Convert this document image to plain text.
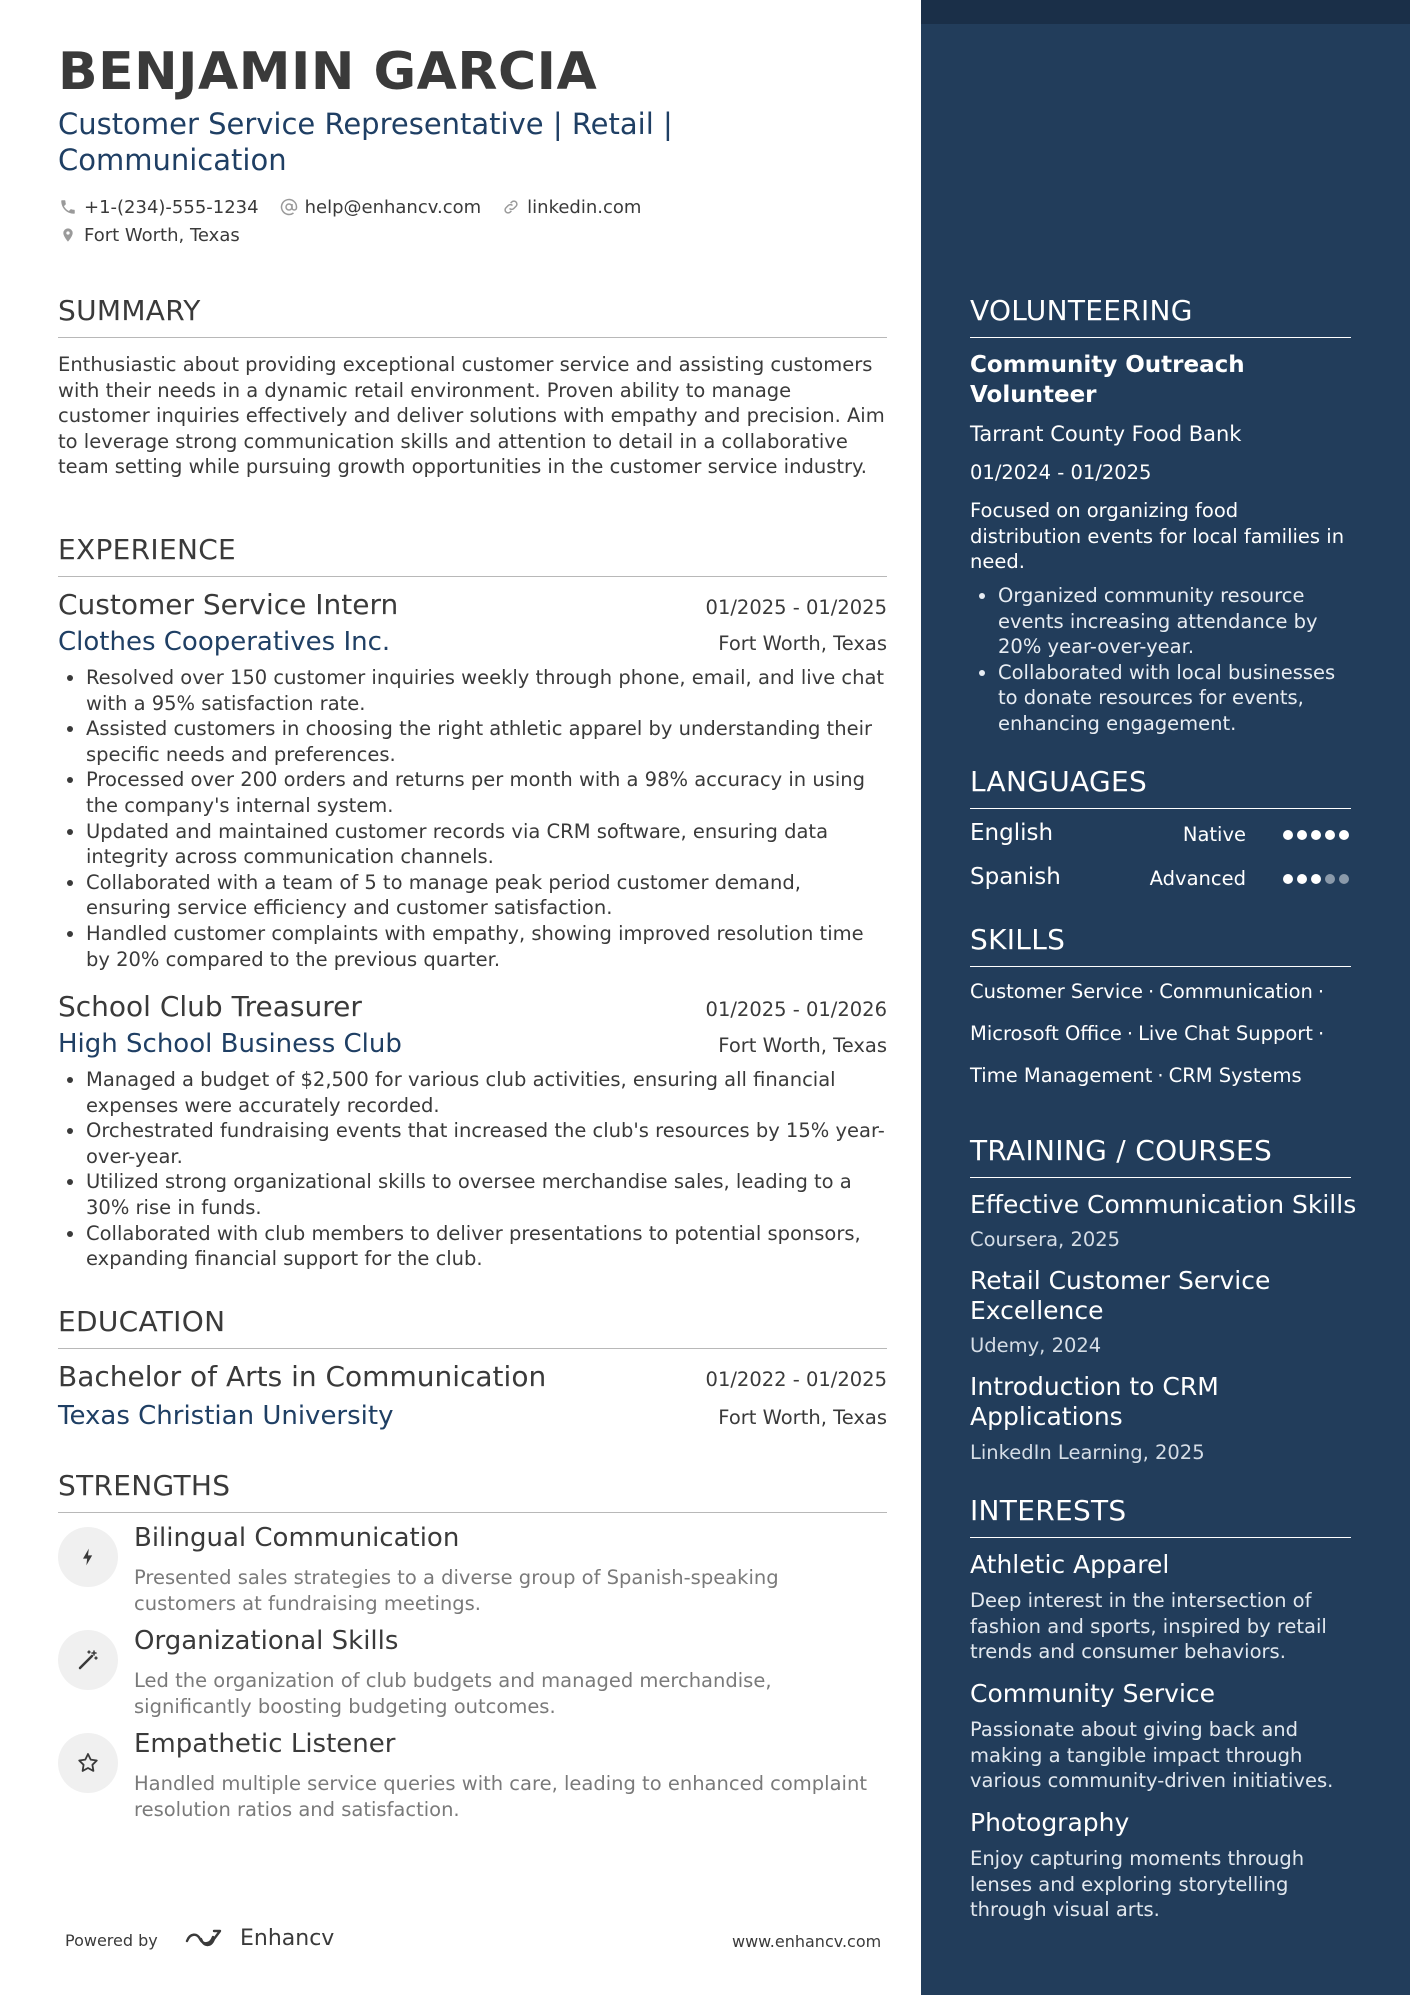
BENJAMIN GARCIA
Customer Service Representative | Retail |
Communication
+1-(234)-555-1234	help@enhancv.com	linkedin.com
Fort Worth, Texas
SUMMARY
Enthusiastic about providing exceptional customer service and assisting customers with their needs in a dynamic retail environment. Proven ability to manage customer inquiries effectively and deliver solutions with empathy and precision. Aim to leverage strong communication skills and attention to detail in a collaborative team setting while pursuing growth opportunities in the customer service industry.
EXPERIENCE
Customer Service Intern	01/2025 - 01/2025
Clothes Cooperatives Inc.	Fort Worth, Texas
Resolved over 150 customer inquiries weekly through phone, email, and live chat with a 95% satisfaction rate.
Assisted customers in choosing the right athletic apparel by understanding their specific needs and preferences.
Processed over 200 orders and returns per month with a 98% accuracy in using the company's internal system.
Updated and maintained customer records via CRM software, ensuring data integrity across communication channels.
Collaborated with a team of 5 to manage peak period customer demand, ensuring service efficiency and customer satisfaction.
Handled customer complaints with empathy, showing improved resolution time by 20% compared to the previous quarter.
School Club Treasurer	01/2025 - 01/2026
High School Business Club	Fort Worth, Texas
Managed a budget of $2,500 for various club activities, ensuring all financial expenses were accurately recorded.
Orchestrated fundraising events that increased the club's resources by 15% year-over-year.
Utilized strong organizational skills to oversee merchandise sales, leading to a 30% rise in funds.
Collaborated with club members to deliver presentations to potential sponsors, expanding financial support for the club.
EDUCATION
Bachelor of Arts in Communication	01/2022 - 01/2025
Texas Christian University	Fort Worth, Texas
STRENGTHS
Bilingual Communication
Presented sales strategies to a diverse group of Spanish-speaking customers at fundraising meetings.
Organizational Skills
Led the organization of club budgets and managed merchandise, significantly boosting budgeting outcomes.
Empathetic Listener
Handled multiple service queries with care, leading to enhanced complaint resolution ratios and satisfaction.
Powered by	Enhancv	www.enhancv.com
VOLUNTEERING
Community Outreach Volunteer
Tarrant County Food Bank
01/2024 - 01/2025
Focused on organizing food distribution events for local families in need.
Organized community resource events increasing attendance by 20% year-over-year.
Collaborated with local businesses to donate resources for events, enhancing engagement.
LANGUAGES
English	Native
Spanish	Advanced
SKILLS
Customer Service · Communication ·
Microsoft Office · Live Chat Support ·
Time Management · CRM Systems
TRAINING / COURSES
Effective Communication Skills
Coursera, 2025
Retail Customer Service Excellence
Udemy, 2024
Introduction to CRM Applications
LinkedIn Learning, 2025
INTERESTS
Athletic Apparel
Deep interest in the intersection of fashion and sports, inspired by retail trends and consumer behaviors.
Community Service
Passionate about giving back and making a tangible impact through various community-driven initiatives.
Photography
Enjoy capturing moments through lenses and exploring storytelling through visual arts.
